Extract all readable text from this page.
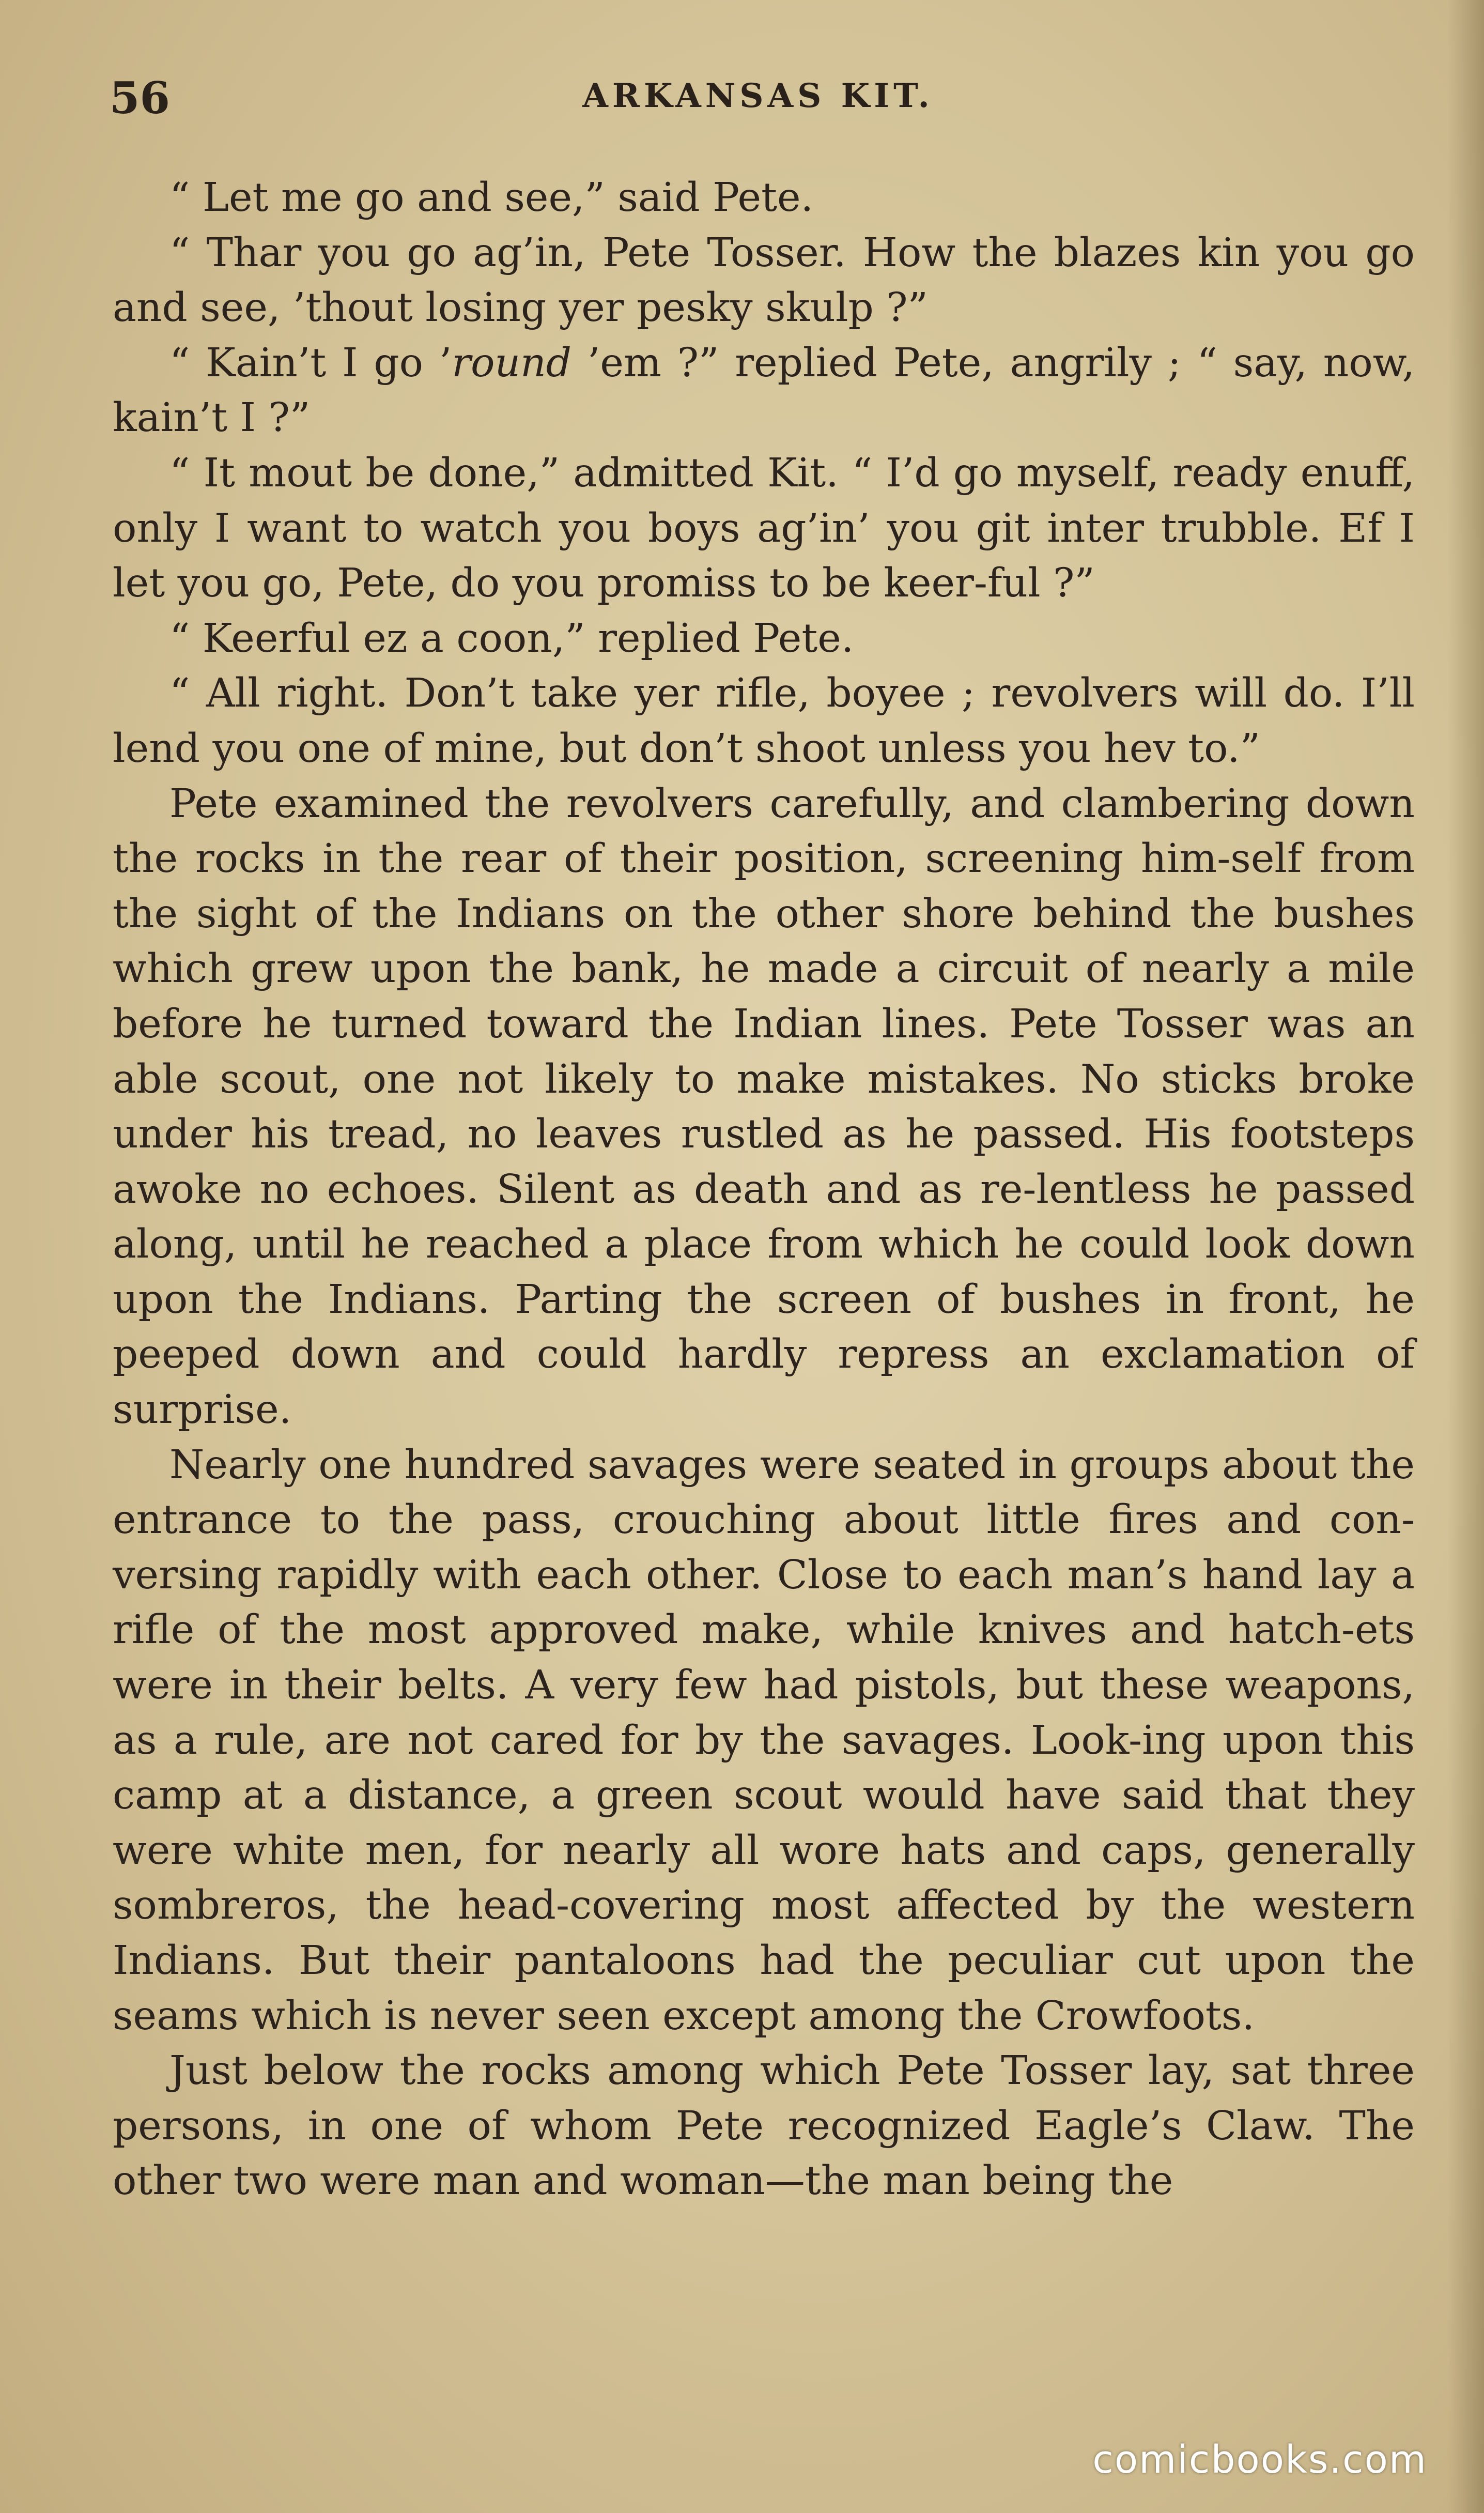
56	ARKANSAS KIT.

“ Let me go and see,” said Pete.

“ Thar you go ag’in, Pete Tosser. How the blazes kin you go and see, ’thout losing yer pesky skulp ?”

“ Kain’t I go ’round ’em ?” replied Pete, angrily ; “ say, now, kain’t I ?”

“ It mout be done,” admitted Kit. “ I’d go myself, ready enuff, only I want to watch you boys ag’in’ you git inter trubble. Ef I let you go, Pete, do you promiss to be keer-ful ?”

“ Keerful ez a coon,” replied Pete.

“ All right. Don’t take yer rifle, boyee ; revolvers will do. I’ll lend you one of mine, but don’t shoot unless you hev to.”

Pete examined the revolvers carefully, and clambering down the rocks in the rear of their position, screening him-self from the sight of the Indians on the other shore behind the bushes which grew upon the bank, he made a circuit of nearly a mile before he turned toward the Indian lines. Pete Tosser was an able scout, one not likely to make mistakes. No sticks broke under his tread, no leaves rustled as he passed. His footsteps awoke no echoes. Silent as death and as re-lentless he passed along, until he reached a place from which he could look down upon the Indians. Parting the screen of bushes in front, he peeped down and could hardly repress an exclamation of surprise.

Nearly one hundred savages were seated in groups about the entrance to the pass, crouching about little fires and con-versing rapidly with each other. Close to each man’s hand lay a rifle of the most approved make, while knives and hatch-ets were in their belts. A very few had pistols, but these weapons, as a rule, are not cared for by the savages. Look-ing upon this camp at a distance, a green scout would have said that they were white men, for nearly all wore hats and caps, generally sombreros, the head-covering most affected by the western Indians. But their pantaloons had the peculiar cut upon the seams which is never seen except among the Crowfoots.

Just below the rocks among which Pete Tosser lay, sat three persons, in one of whom Pete recognized Eagle’s Claw. The other two were man and woman—the man being the

comicbooks.com
